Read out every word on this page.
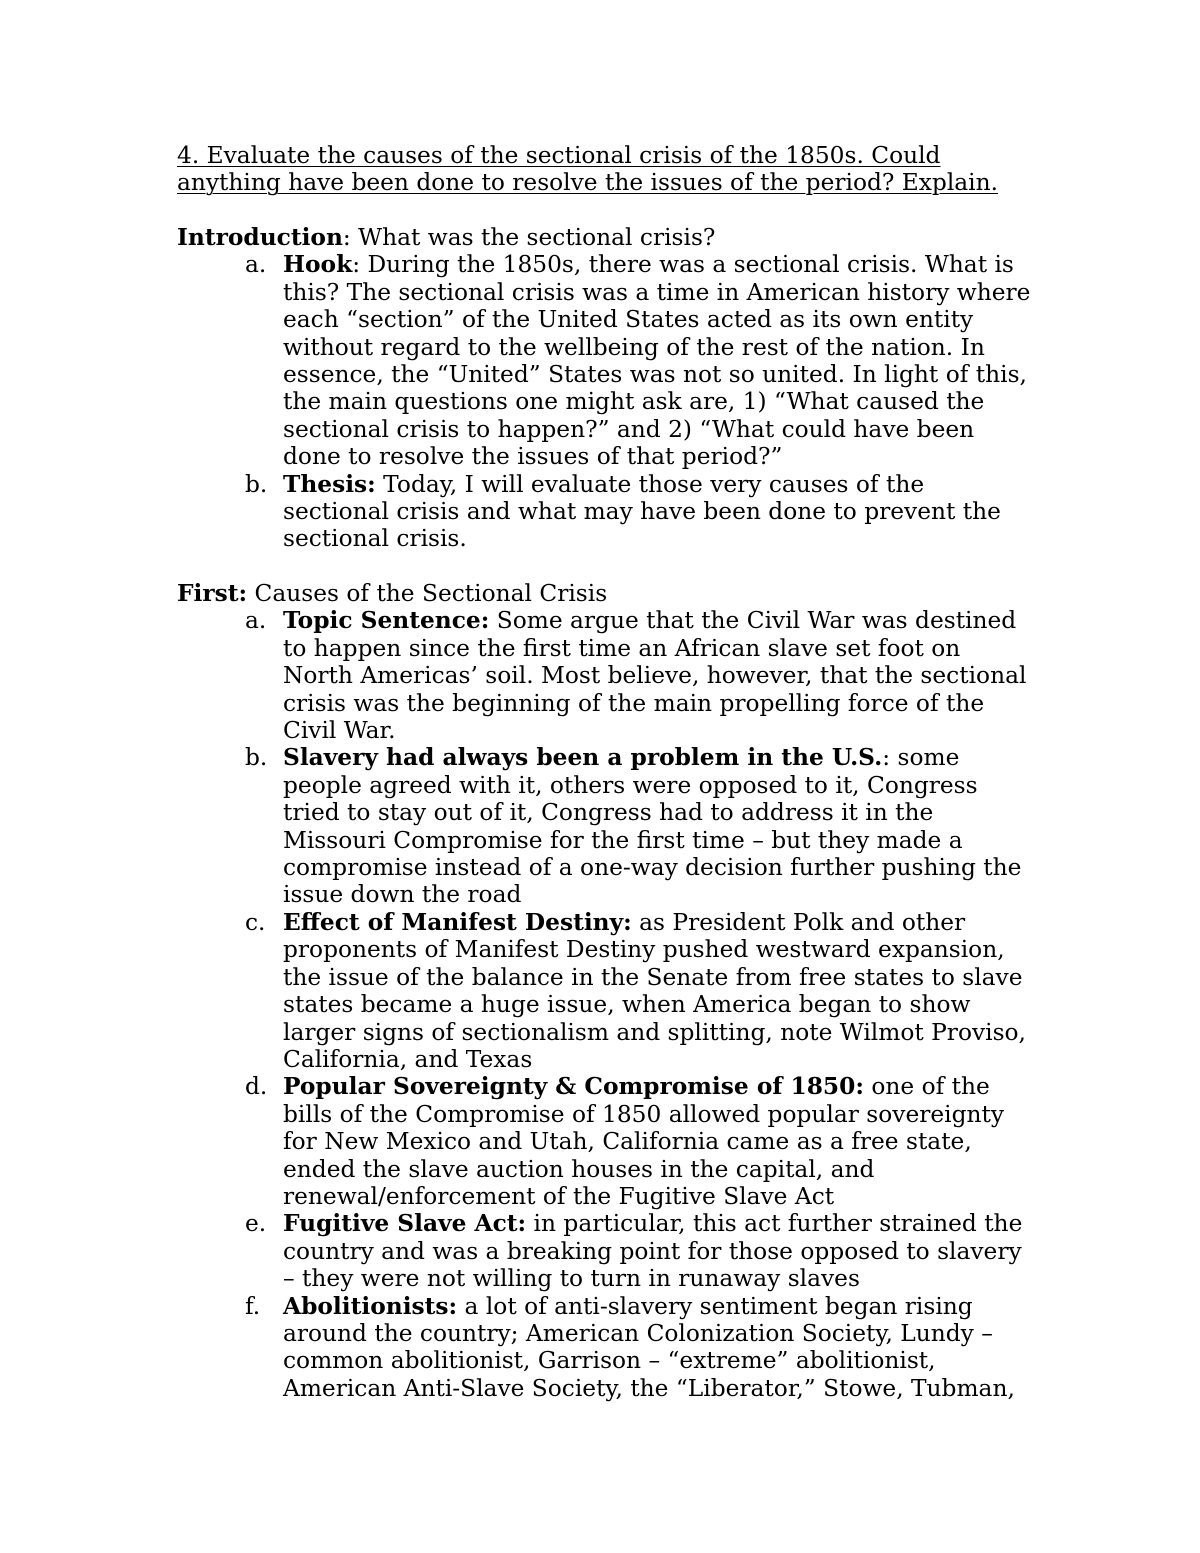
4. Evaluate the causes of the sectional crisis of the 1850s. Could anything have been done to resolve the issues of the period? Explain.

Introduction: What was the sectional crisis?

a. Hook: During the 1850s, there was a sectional crisis. What is this? The sectional crisis was a time in American history where each “section” of the United States acted as its own entity without regard to the wellbeing of the rest of the nation. In essence, the “United” States was not so united. In light of this, the main questions one might ask are, 1) “What caused the sectional crisis to happen?” and 2) “What could have been done to resolve the issues of that period?”
b. Thesis: Today, I will evaluate those very causes of the sectional crisis and what may have been done to prevent the sectional crisis.

First: Causes of the Sectional Crisis

a. Topic Sentence: Some argue that the Civil War was destined to happen since the first time an African slave set foot on North Americas’ soil. Most believe, however, that the sectional crisis was the beginning of the main propelling force of the Civil War.
b. Slavery had always been a problem in the U.S.: some people agreed with it, others were opposed to it, Congress tried to stay out of it, Congress had to address it in the Missouri Compromise for the first time – but they made a compromise instead of a one-way decision further pushing the issue down the road
c. Effect of Manifest Destiny: as President Polk and other proponents of Manifest Destiny pushed westward expansion, the issue of the balance in the Senate from free states to slave states became a huge issue, when America began to show larger signs of sectionalism and splitting, note Wilmot Proviso, California, and Texas
d. Popular Sovereignty & Compromise of 1850: one of the bills of the Compromise of 1850 allowed popular sovereignty for New Mexico and Utah, California came as a free state, ended the slave auction houses in the capital, and renewal/enforcement of the Fugitive Slave Act
e. Fugitive Slave Act: in particular, this act further strained the country and was a breaking point for those opposed to slavery – they were not willing to turn in runaway slaves
f. Abolitionists: a lot of anti-slavery sentiment began rising around the country; American Colonization Society, Lundy – common abolitionist, Garrison – “extreme” abolitionist, American Anti-Slave Society, the “Liberator,” Stowe, Tubman,
